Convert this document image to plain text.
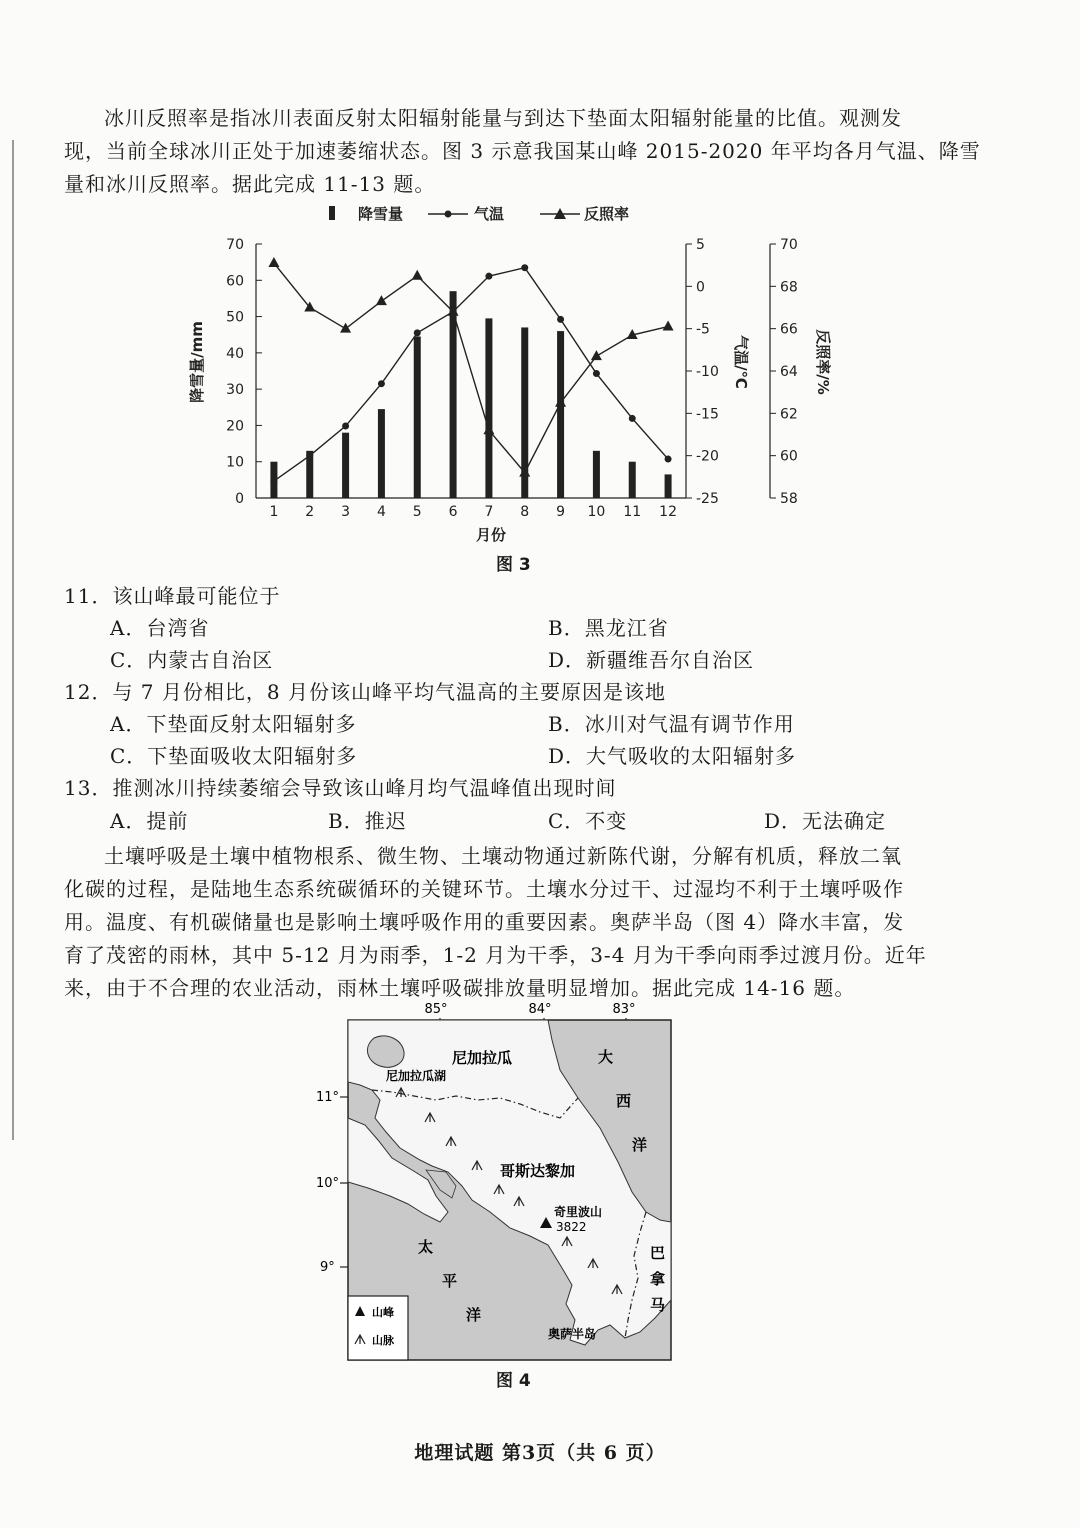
冰川反照率是指冰川表面反射太阳辐射能量与到达下垫面太阳辐射能量的比值。观测发
现，当前全球冰川正处于加速萎缩状态。图 3 示意我国某山峰 2015-2020 年平均各月气温、降雪
量和冰川反照率。据此完成 11-13 题。
降雪量	气温	反照率
0
10
20
30
40
50
60
70
-25
-20
-15
-10
-5
0
5
58
60
62
64
66
68
70
1 2 3 4 5 6 7 8 9 10 11 12
降雪量/mm	气温/℃	反照率/%
月份
图 3
11．该山峰最可能位于
A．台湾省	B．黑龙江省
C．内蒙古自治区	D．新疆维吾尔自治区
12．与 7 月份相比，8 月份该山峰平均气温高的主要原因是该地
A．下垫面反射太阳辐射多	B．冰川对气温有调节作用
C．下垫面吸收太阳辐射多	D．大气吸收的太阳辐射多
13．推测冰川持续萎缩会导致该山峰月均气温峰值出现时间
A．提前	B．推迟	C．不变	D．无法确定
土壤呼吸是土壤中植物根系、微生物、土壤动物通过新陈代谢，分解有机质，释放二氧
化碳的过程，是陆地生态系统碳循环的关键环节。土壤水分过干、过湿均不利于土壤呼吸作
用。温度、有机碳储量也是影响土壤呼吸作用的重要因素。奥萨半岛（图 4）降水丰富，发
育了茂密的雨林，其中 5-12 月为雨季，1-2 月为干季，3-4 月为干季向雨季过渡月份。近年
来，由于不合理的农业活动，雨林土壤呼吸碳排放量明显增加。据此完成 14-16 题。
85°	84°	83°
11°
10°
9°
奇里波山
3822
尼加拉瓜
尼加拉瓜湖
哥斯达黎加
大
西
洋
太
平
洋
巴
拿
马
奥萨半岛
山峰
山脉
图 4
地理试题 第3页（共 6 页）
